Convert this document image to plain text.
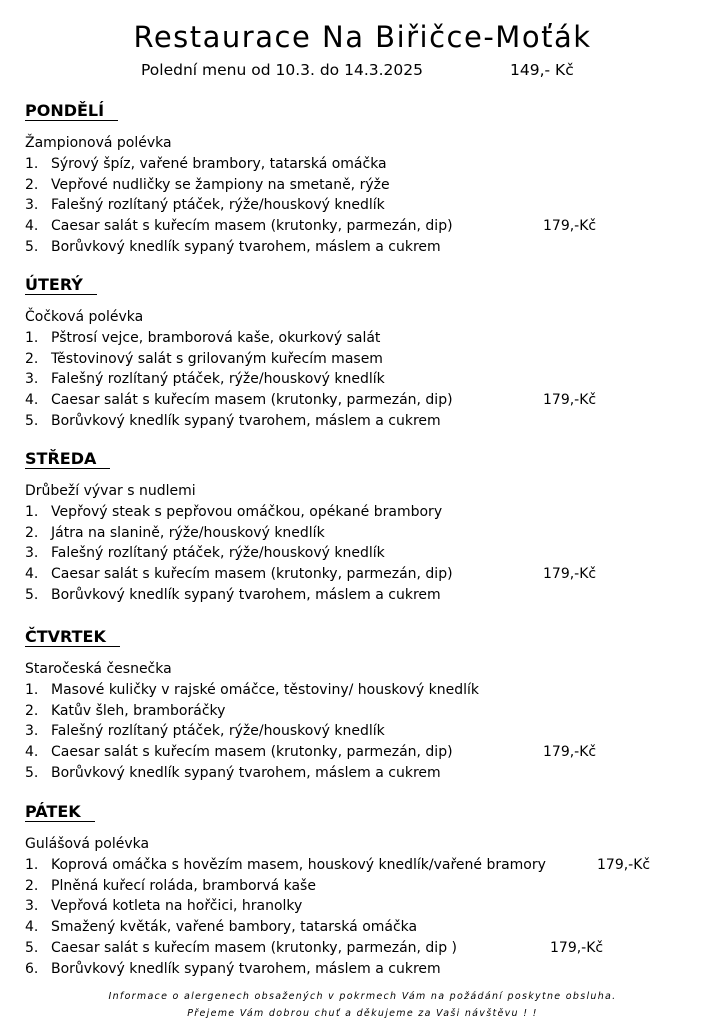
Restaurace Na Biřičce-Moťák
Polední menu od 10.3. do 14.3.2025	149,- Kč
PONDĚLÍ
Žampionová polévka
1. Sýrový špíz, vařené brambory, tatarská omáčka
2. Vepřové nudličky se žampiony na smetaně, rýže
3. Falešný rozlítaný ptáček, rýže/houskový knedlík
4. Caesar salát s kuřecím masem (krutonky, parmezán, dip)	179,-Kč
5. Borůvkový knedlík sypaný tvarohem, máslem a cukrem
ÚTERÝ
Čočková polévka
1. Pštrosí vejce, bramborová kaše, okurkový salát
2. Těstovinový salát s grilovaným kuřecím masem
3. Falešný rozlítaný ptáček, rýže/houskový knedlík
4. Caesar salát s kuřecím masem (krutonky, parmezán, dip)	179,-Kč
5. Borůvkový knedlík sypaný tvarohem, máslem a cukrem
STŘEDA
Drůbeží vývar s nudlemi
1. Vepřový steak s pepřovou omáčkou, opékané brambory
2. Játra na slanině, rýže/houskový knedlík
3. Falešný rozlítaný ptáček, rýže/houskový knedlík
4. Caesar salát s kuřecím masem (krutonky, parmezán, dip)	179,-Kč
5. Borůvkový knedlík sypaný tvarohem, máslem a cukrem
ČTVRTEK
Staročeská česnečka
1. Masové kuličky v rajské omáčce, těstoviny/ houskový knedlík
2. Katův šleh, bramboráčky
3. Falešný rozlítaný ptáček, rýže/houskový knedlík
4. Caesar salát s kuřecím masem (krutonky, parmezán, dip)	179,-Kč
5. Borůvkový knedlík sypaný tvarohem, máslem a cukrem
PÁTEK
Gulášová polévka
1. Koprová omáčka s hovězím masem, houskový knedlík/vařené bramory	179,-Kč
2. Plněná kuřecí roláda, bramborvá kaše
3. Vepřová kotleta na hořčici, hranolky
4. Smažený květák, vařené bambory, tatarská omáčka
5. Caesar salát s kuřecím masem (krutonky, parmezán, dip )	179,-Kč
6. Borůvkový knedlík sypaný tvarohem, máslem a cukrem
Informace o alergenech obsažených v pokrmech Vám na požádání poskytne obsluha.
Přejeme Vám dobrou chuť a děkujeme za Vaši návštěvu ! !
